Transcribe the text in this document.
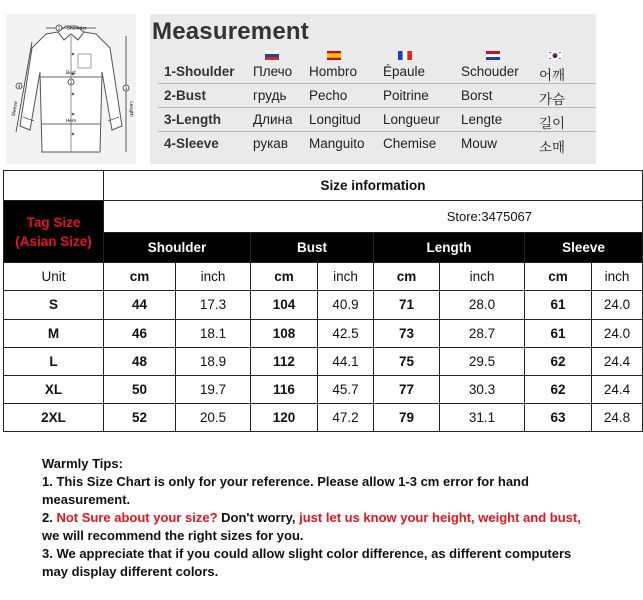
1 Shoulder
2
Bust
Hem
4
Sleeve
3
Length
Measurement
1-Shoulder Плечо Hombro Épaule	Schouder 어깨
2-Bust	грудь Pecho	Poitrine Borst	가슴
3-Length Длина Longitud Longueur Lengte	길이
4-Sleeve	рукав Manguito Chemise Mouw	소매
	Size information							

Tag Size
(Asian Size)	Store:3475067							
	Shoulder		Bust		Length		Sleeve	
Unit	cm	inch	cm	inch	cm	inch	cm	inch
S	44	17.3	104	40.9	71	28.0	61	24.0
M	46	18.1	108	42.5	73	28.7	61	24.0
L	48	18.9	112	44.1	75	29.5	62	24.4
XL	50	19.7	116	45.7	77	30.3	62	24.4
2XL	52	20.5	120	47.2	79	31.1	63	24.8

Warmly Tips:

1. This Size Chart is only for your reference. Please allow 1-3 cm error for hand measurement.

2. Not Sure about your size? Don't worry, just let us know your height, weight and bust, we will recommend the right sizes for you.

3. We appreciate that if you could allow slight color difference, as different computers may display different colors.
